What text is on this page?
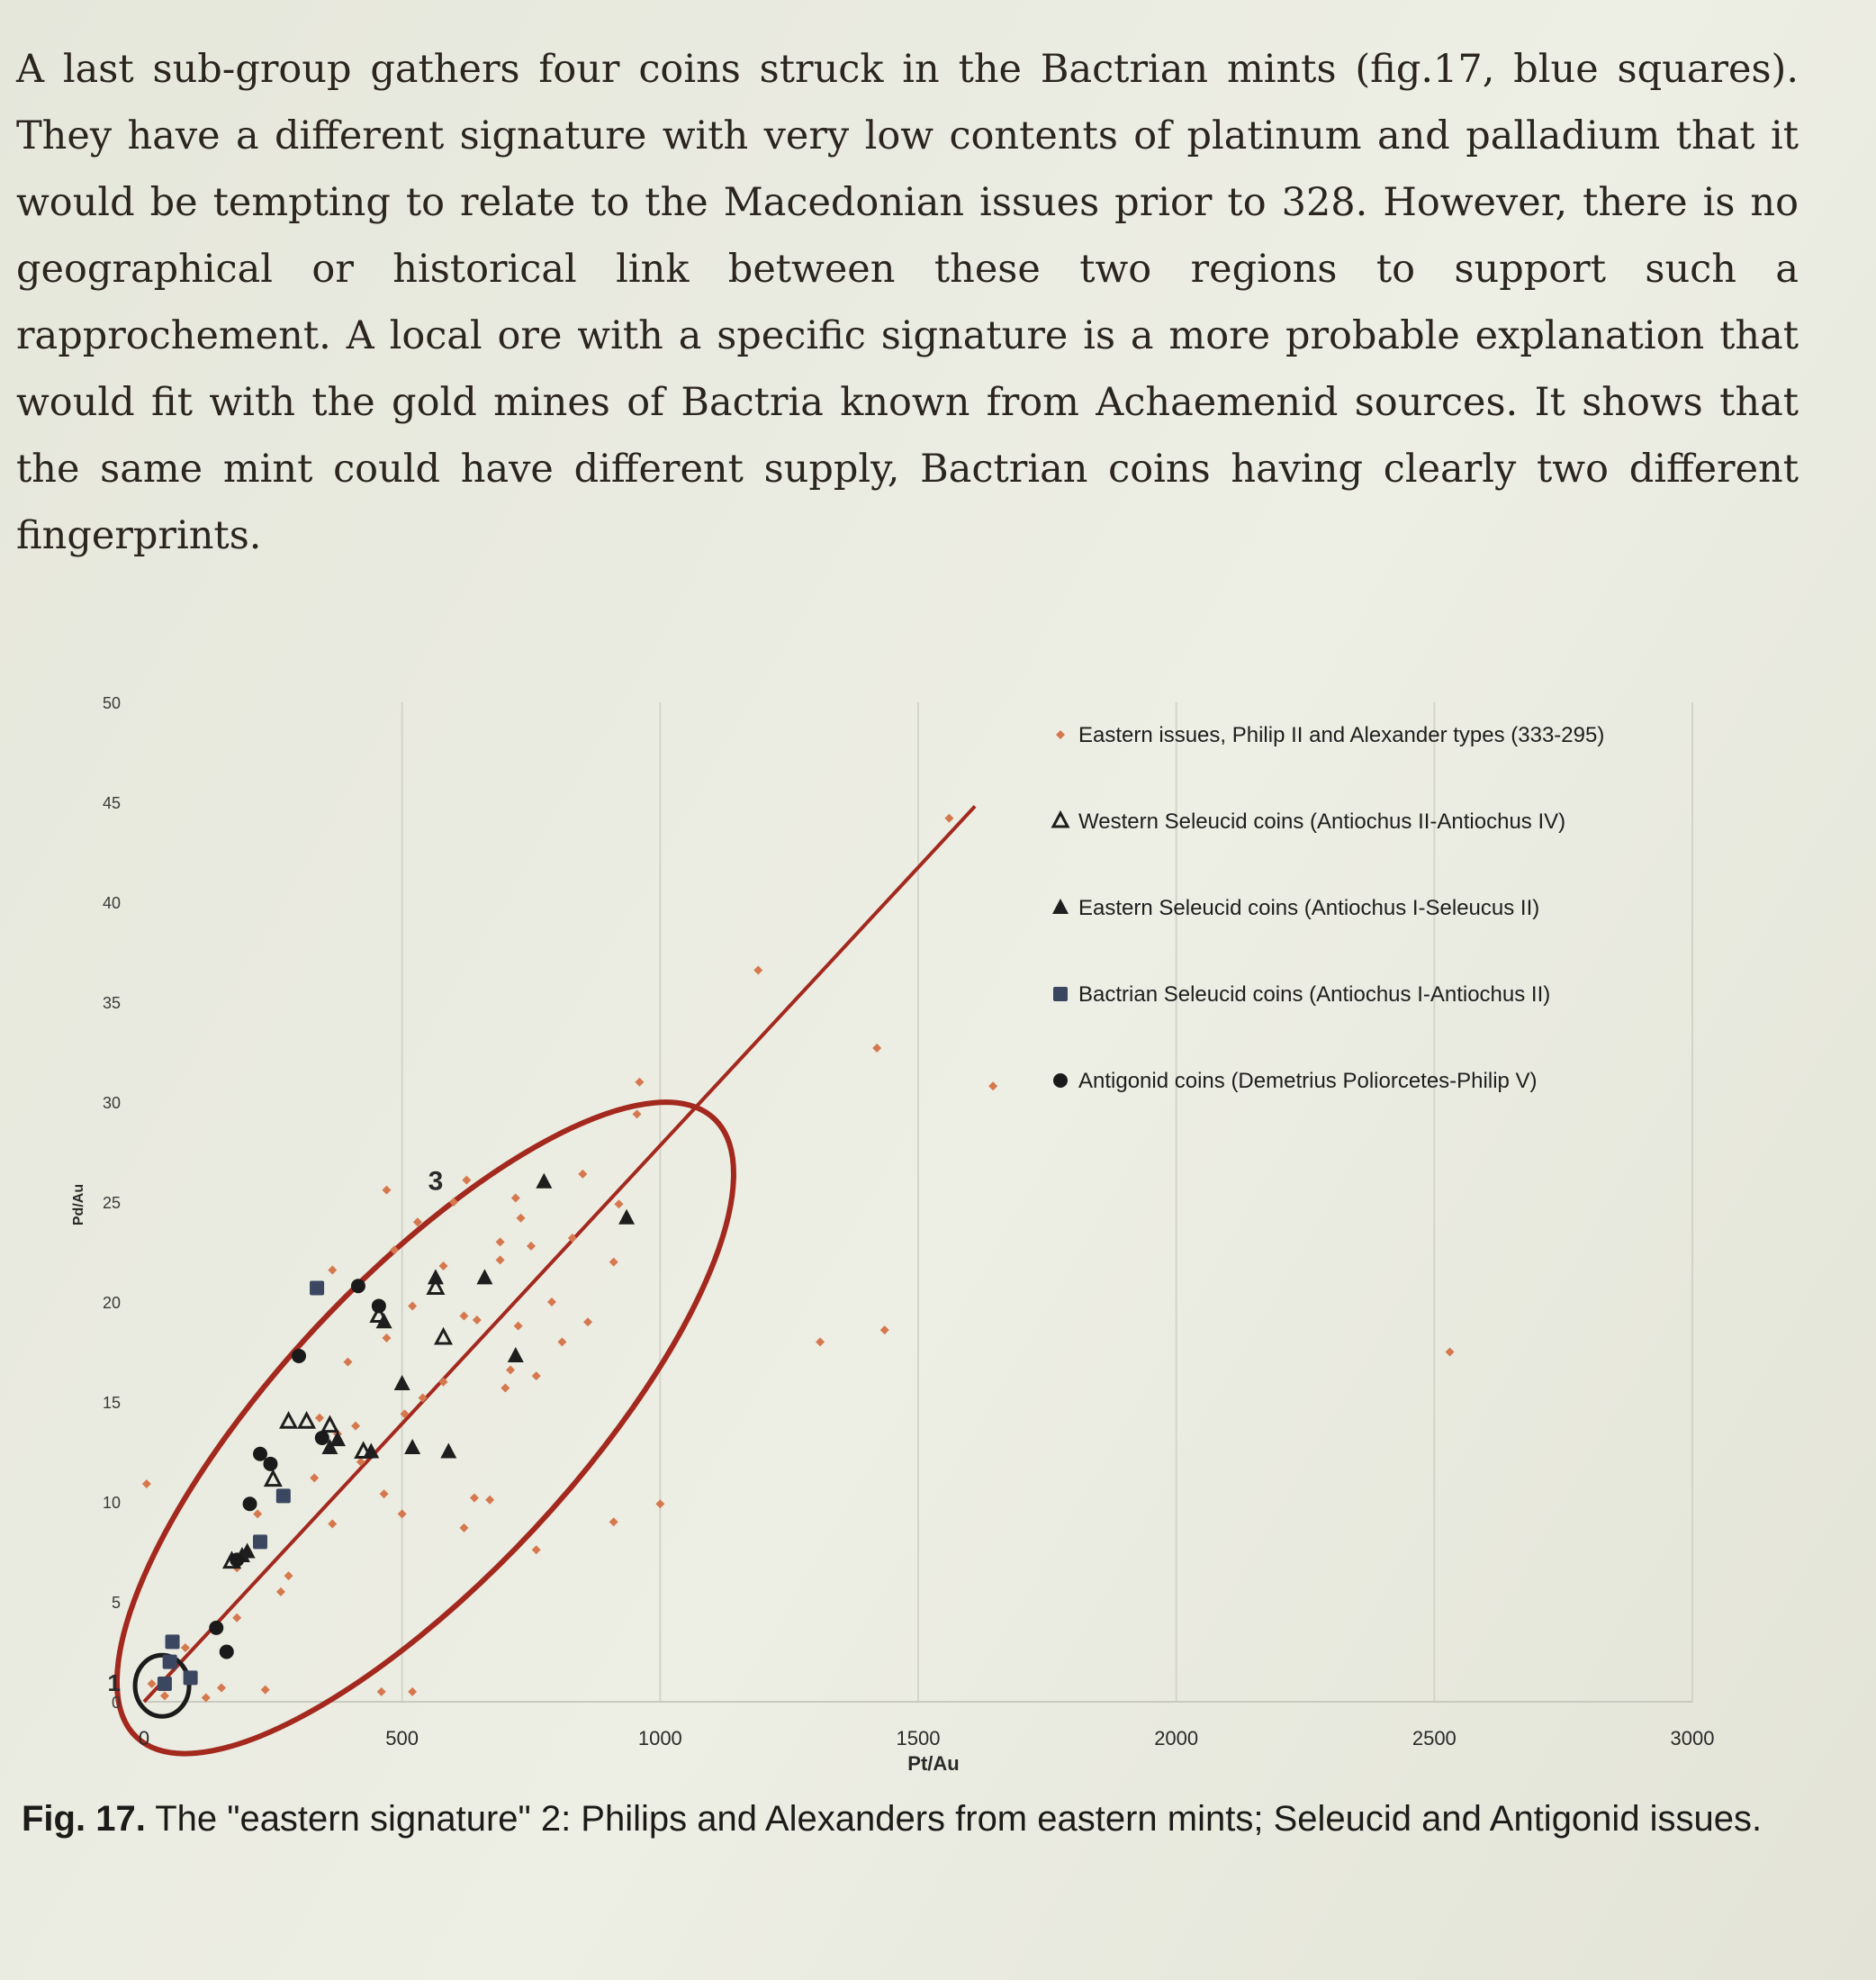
A last sub-group gathers four coins struck in the Bactrian mints (fig.17, blue squares). They have a different signature with very low contents of platinum and palladium that it would be tempting to relate to the Macedonian issues prior to 328. However, there is no geographical or historical link between these two regions to support such a rapprochement. A local ore with a specific signature is a more probable explanation that would fit with the gold mines of Bactria known from Achaemenid sources. It shows that the same mint could have different supply, Bactrian coins having clearly two different fingerprints.

3
0	500	1000	1500	2000	2500	3000
0
5
10
15
20
25
30
35
40
45
50
1
Pt/Au
Pd/Au
Eastern issues, Philip II and Alexander types (333-295)
Western Seleucid coins (Antiochus II-Antiochus IV)
Eastern Seleucid coins (Antiochus I-Seleucus II)
Bactrian Seleucid coins (Antiochus I-Antiochus II)
Antigonid coins (Demetrius Poliorcetes-Philip V)

Fig. 17. The "eastern signature" 2: Philips and Alexanders from eastern mints; Seleucid and Antigonid issues.
